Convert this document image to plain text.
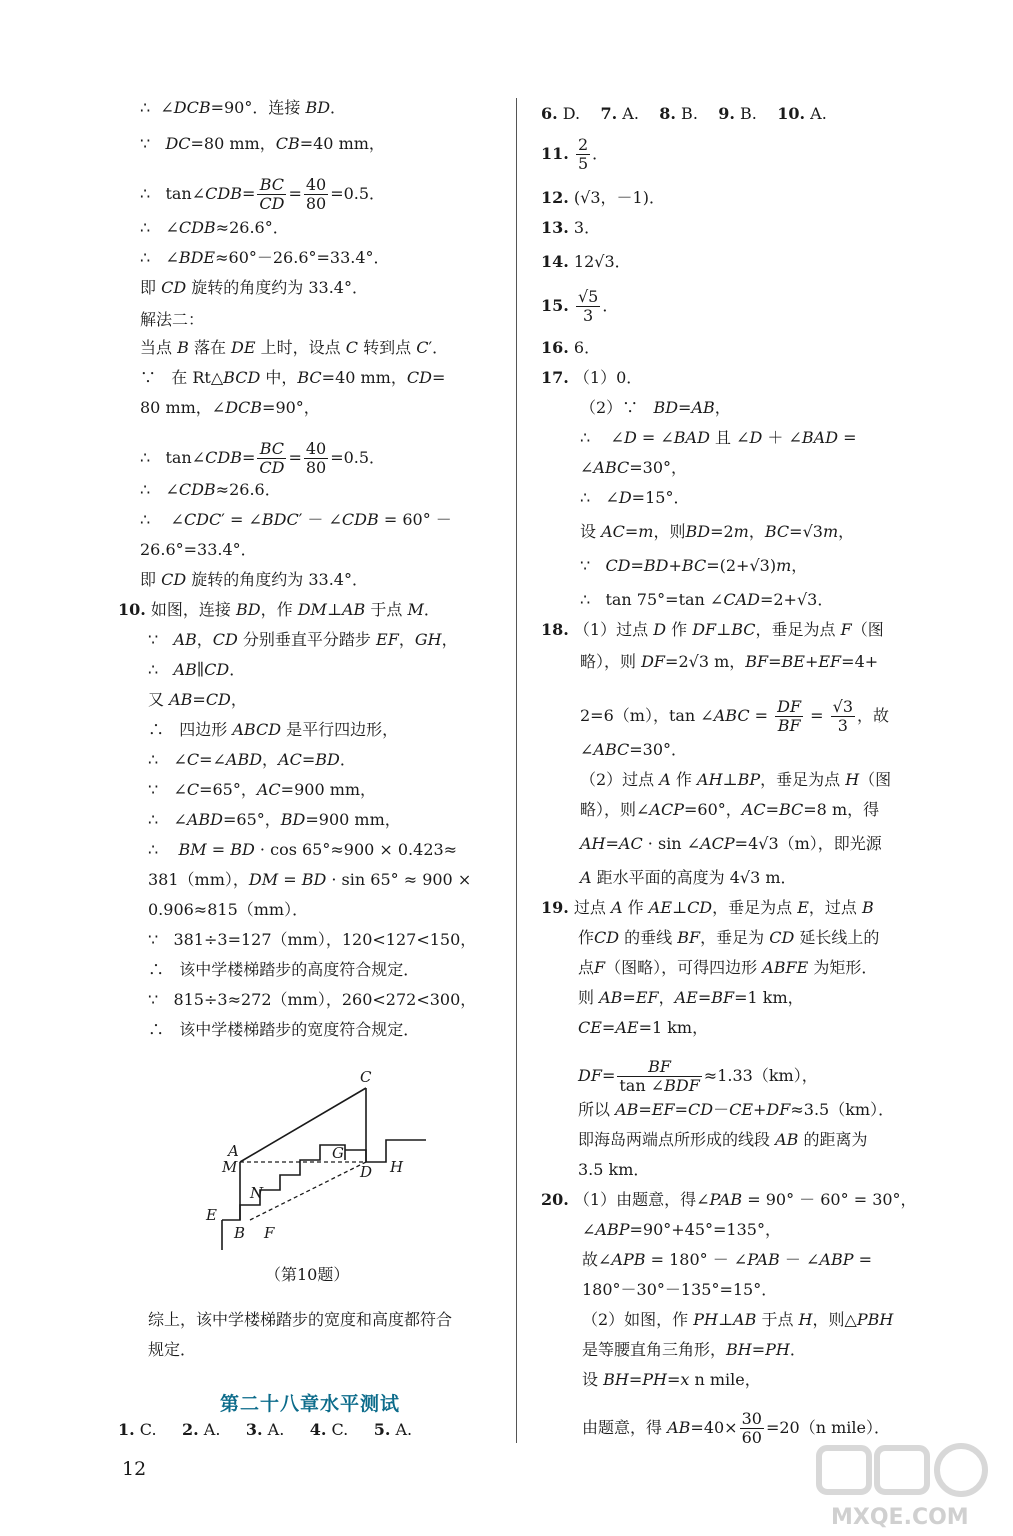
∴  ∠DCB=90°．连接 BD．
∵   DC=80 mm，CB=40 mm，
∴   tan∠CDB= $\frac{BC}{CD} = \frac{40}{80} =0.5$．
∴   ∠CDB≈26.6°．
∴   ∠BDE≈60°－26.6°=33.4°．
即 CD 旋转的角度约为 33.4°．
解法二：
当点 B 落在 DE 上时，设点 C 转到点 C′．
∵   在 Rt△BCD 中，BC=40 mm，CD=
80 mm，∠DCB=90°，
∴   tan∠CDB= $\frac{BC}{CD} = \frac{40}{80} =0.5$．
∴   ∠CDB≈26.6．
∴    ∠CDC′ = ∠BDC′ － ∠CDB = 60° －
26.6°=33.4°．
即 CD 旋转的角度约为 33.4°．
10. 如图，连接 BD，作 DM⊥AB 于点 M．
∵   AB，CD 分别垂直平分踏步 EF，GH，
∴   AB∥CD．
又 AB=CD，
∴   四边形 ABCD 是平行四边形，
∴   ∠C=∠ABD，AC=BD．
∵   ∠C=65°，AC=900 mm，
∴   ∠ABD=65°，BD=900 mm，
∴    BM = BD · cos 65°≈900 × 0.423≈
381（mm），DM = BD · sin 65° ≈ 900 ×
0.906≈815（mm）．
∵   381÷3=127（mm），120<127<150，
∴   该中学楼梯踏步的高度符合规定．
∵   815÷3≈272（mm），260<272<300，
∴   该中学楼梯踏步的宽度符合规定．
综上，该中学楼梯踏步的宽度和高度都符合
规定．
1. C.     2. A.     3. A.     4. C.     5. A.
6. D.    7. A.    8. B.    9. B.    10. A.
11. $\frac{2}{5}$ ．
12. (√3，－1)．
13. 3．
14. 12√3．
15. $\frac{√5}{3}$ ．
16. 6．
17. （1）0．
（2）∵   BD=AB，
∴    ∠D = ∠BAD 且 ∠D ＋ ∠BAD =
∠ABC=30°，
∴   ∠D=15°．
设 AC=m，则BD=2m，BC=√3m，
∵   CD=BD+BC=(2+√3)m，
∴   tan 75°=tan ∠CAD=2+√3．
18. （1）过点 D 作 DF⊥BC，垂足为点 F（图
略），则 DF=2√3 m，BF=BE+EF=4+
2=6（m），tan ∠ABC = $\frac{DF}{BF} = \frac{√3}{3}$ ，故
∠ABC=30°．
（2）过点 A 作 AH⊥BP，垂足为点 H（图
略），则∠ACP=60°，AC=BC=8 m，得
AH=AC · sin ∠ACP=4√3（m），即光源
A 距水平面的高度为 4√3 m．
19. 过点 A 作 AE⊥CD，垂足为点 E，过点 B
作CD 的垂线 BF，垂足为 CD 延长线上的
点F（图略），可得四边形 ABFE 为矩形．
则 AB=EF，AE=BF=1 km，
CE=AE=1 km，
$DF= \frac{BF}{\text{tan ∠BDF}} \approx 1.33(km)$，
所以 AB=EF=CD－CE+DF≈3.5（km）．
即海岛两端点所形成的线段 AB 的距离为
3.5 km．
20. （1）由题意，得∠PAB = 90° － 60° = 30°，
∠ABP=90°+45°=135°，
故∠APB = 180° － ∠PAB － ∠ABP =
180°－30°－135°=15°．
（2）如图，作 PH⊥AB 于点 H，则△PBH
是等腰直角三角形，BH=PH．
设 BH=PH=x n mile，
由题意，得 $AB=40\times \frac{30}{60} =20(n$ mile）．
C
A
M
G
D H
N
E
B F
（第10题）
第二十八章水平测试
12
MXQE.COM
